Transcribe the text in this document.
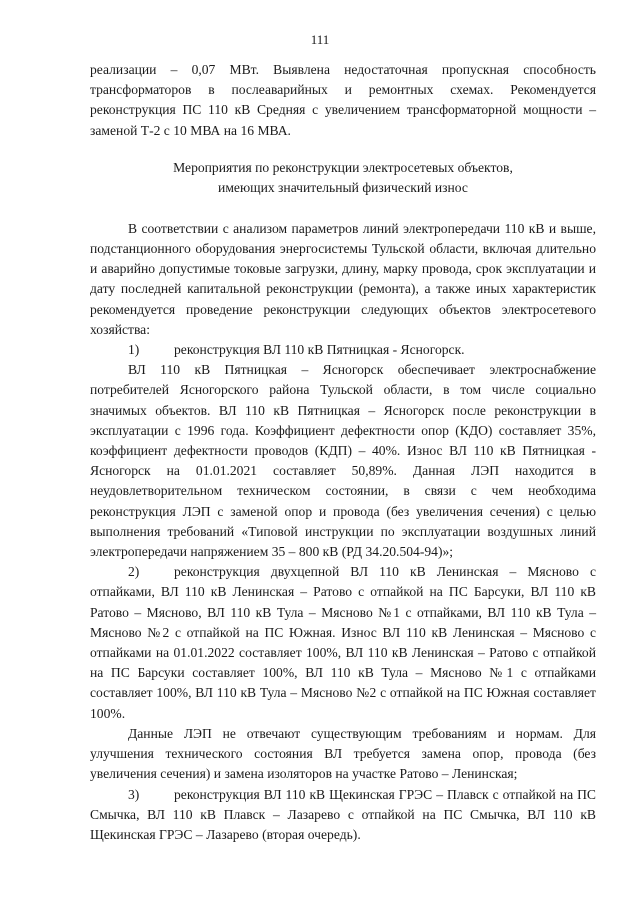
111

реализации – 0,07 МВт. Выявлена недостаточная пропускная способность трансформаторов в послеаварийных и ремонтных схемах. Рекомендуется реконструкция ПС 110 кВ Средняя с увеличением трансформаторной мощности – заменой Т-2 с 10 МВА на 16 МВА.

Мероприятия по реконструкции электросетевых объектов,
имеющих значительный физический износ

В соответствии с анализом параметров линий электропередачи 110 кВ и выше, подстанционного оборудования энергосистемы Тульской области, включая длительно и аварийно допустимые токовые загрузки, длину, марку провода, срок эксплуатации и дату последней капитальной реконструкции (ремонта), а также иных характеристик рекомендуется проведение реконструкции следующих объектов электросетевого хозяйства:

1)	реконструкция ВЛ 110 кВ Пятницкая - Ясногорск.

ВЛ 110 кВ Пятницкая – Ясногорск обеспечивает электроснабжение потребителей Ясногорского района Тульской области, в том числе социально значимых объектов. ВЛ 110 кВ Пятницкая – Ясногорск после реконструкции в эксплуатации с 1996 года. Коэффициент дефектности опор (КДО) составляет 35%, коэффициент дефектности проводов (КДП) – 40%. Износ ВЛ 110 кВ Пятницкая - Ясногорск на 01.01.2021 составляет 50,89%. Данная ЛЭП находится в неудовлетворительном техническом состоянии, в связи с чем необходима реконструкция ЛЭП с заменой опор и провода (без увеличения сечения) с целью выполнения требований «Типовой инструкции по эксплуатации воздушных линий электропередачи напряжением 35 – 800 кВ (РД 34.20.504-94)»;

2)	реконструкция двухцепной ВЛ 110 кВ Ленинская – Мясново с отпайками, ВЛ 110 кВ Ленинская – Ратово с отпайкой на ПС Барсуки, ВЛ 110 кВ Ратово – Мясново, ВЛ 110 кВ Тула – Мясново №1 с отпайками, ВЛ 110 кВ Тула – Мясново №2 с отпайкой на ПС Южная. Износ ВЛ 110 кВ Ленинская – Мясново с отпайками на 01.01.2022 составляет 100%, ВЛ 110 кВ Ленинская – Ратово с отпайкой на ПС Барсуки составляет 100%, ВЛ 110 кВ Тула – Мясново №1 с отпайками составляет 100%, ВЛ 110 кВ Тула – Мясново №2 с отпайкой на ПС Южная составляет 100%.

Данные ЛЭП не отвечают существующим требованиям и нормам. Для улучшения технического состояния ВЛ требуется замена опор, провода (без увеличения сечения) и замена изоляторов на участке Ратово – Ленинская;

3)	реконструкция ВЛ 110 кВ Щекинская ГРЭС – Плавск с отпайкой на ПС Смычка, ВЛ 110 кВ Плавск – Лазарево с отпайкой на ПС Смычка, ВЛ 110 кВ Щекинская ГРЭС – Лазарево (вторая очередь).
